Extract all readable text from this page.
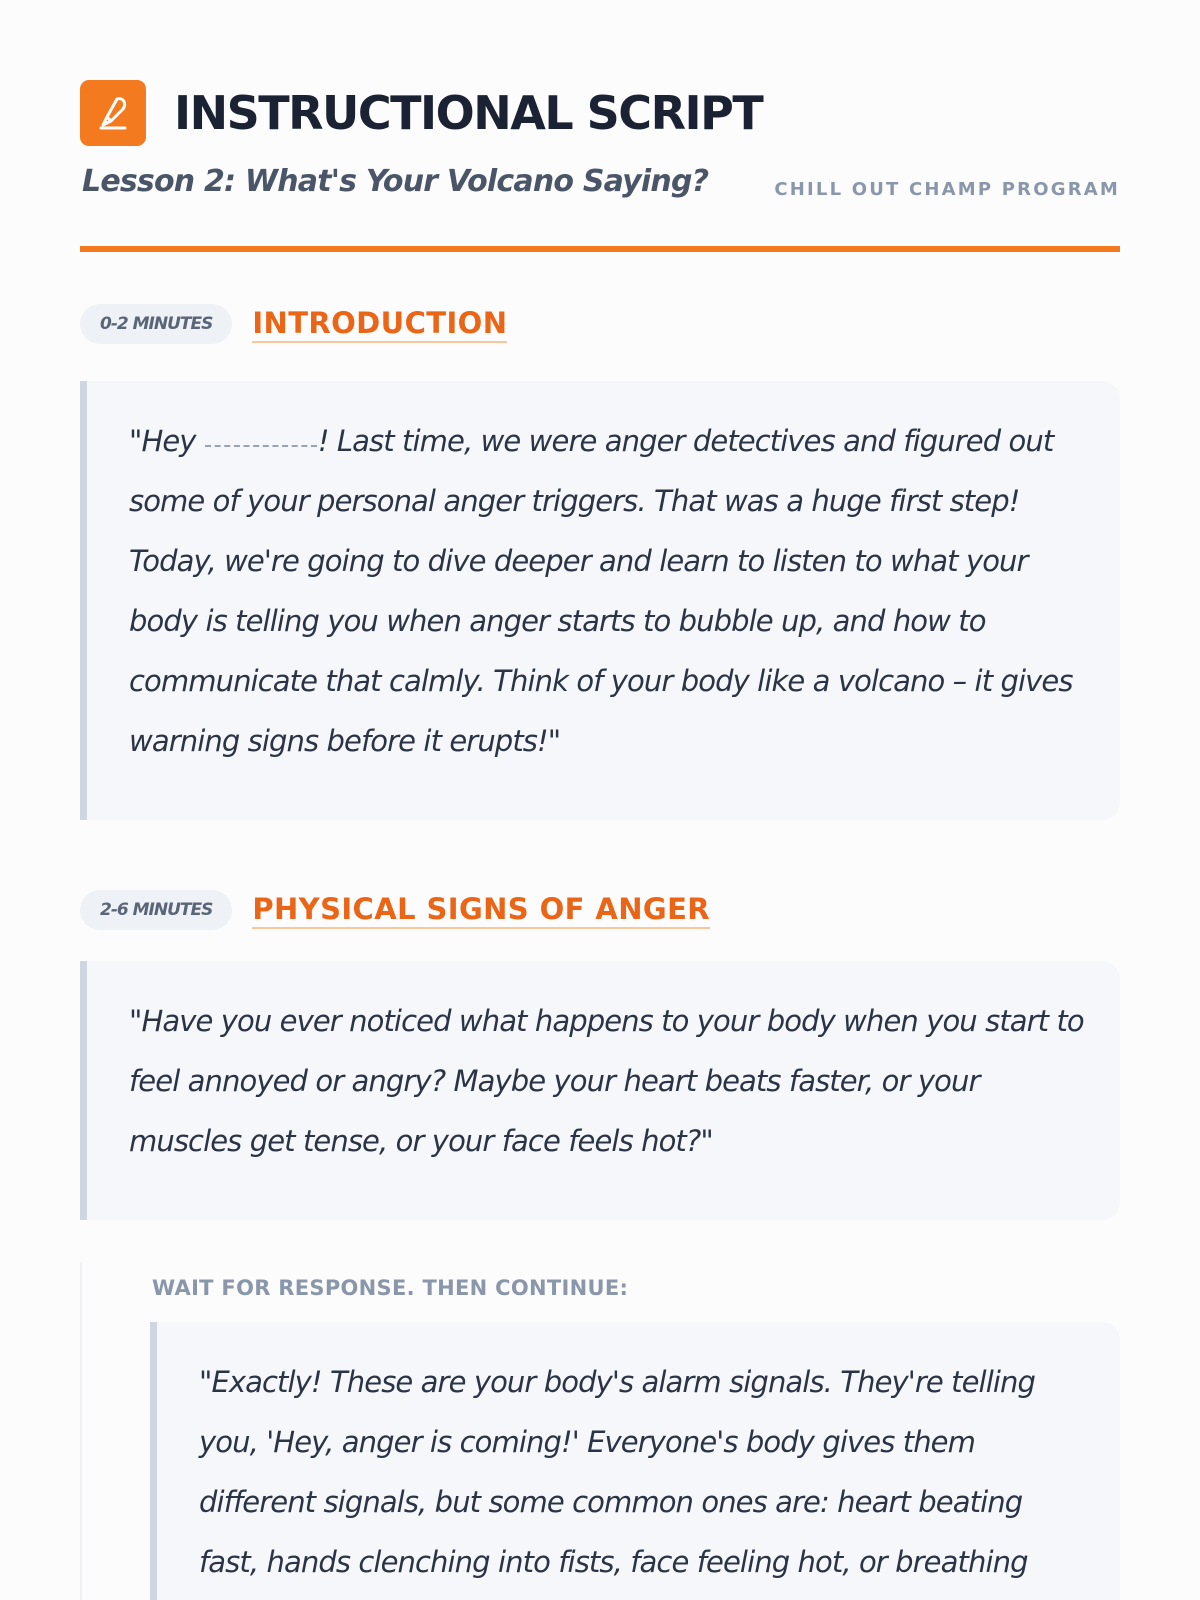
INSTRUCTIONAL SCRIPT
Lesson 2: What's Your Volcano Saying?	CHILL OUT CHAMP PROGRAM
0-2 MINUTES	INTRODUCTION

"Hey	! Last time, we were anger detectives and figured out some of your personal anger triggers. That was a huge first step! Today, we're going to dive deeper and learn to listen to what your body is telling you when anger starts to bubble up, and how to communicate that calmly. Think of your body like a volcano – it gives warning signs before it erupts!"

2-6 MINUTES	PHYSICAL SIGNS OF ANGER

"Have you ever noticed what happens to your body when you start to feel annoyed or angry? Maybe your heart beats faster, or your muscles get tense, or your face feels hot?"

WAIT FOR RESPONSE. THEN CONTINUE:

"Exactly! These are your body's alarm signals. They're telling you, 'Hey, anger is coming!' Everyone's body gives them different signals, but some common ones are: heart beating fast, hands clenching into fists, face feeling hot, or breathing
